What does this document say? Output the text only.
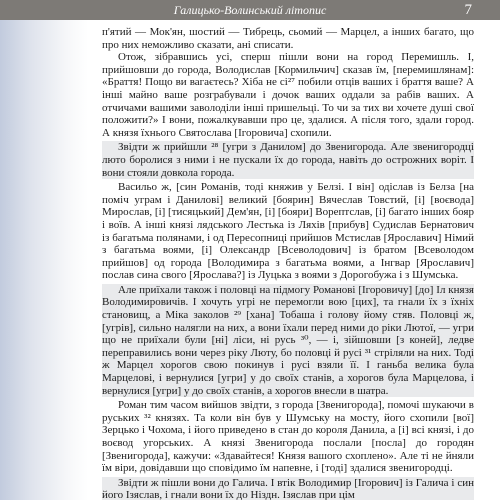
Галицько-Волинський літопис	7

п'ятий — Мок'ян, шостий — Тибрець, сьомий — Марцел, а інших багато, що про них неможливо сказати, ані списати.

Отож, зібравшись усі, сперш пішли вони на город Перемишль. І, прийшовши до города, Володислав [Кормильчич] сказав їм, [перемишлянам]: «Браття! Пощо ви вагаєтесь? Хіба не сі²⁷ побили отців ваших і браття ваше? А інші майно ваше розграбували і дочок ваших оддали за рабів ваших. А отчичами вашими заволоділи інші пришельці. То чи за тих ви хочете душі свої положити?» І вони, пожалкувавши про це, здалися. А після того, здали город. А князя їхнього Святослава [Ігоровича] схопили.

Звідти ж прийшли ²⁸ [угри з Данилом] до Звенигорода. Але звенигородці люто боролися з ними і не пускали їх до города, навіть до острожних воріт. І вони стояли довкола города.

Васильо ж, [син Романів, тоді княжив у Белзі. І він] одіслав із Белза [на поміч уграм і Данилові] великий [боярин] Вячеслав Товстий, [і] [воєвода] Мирослав, [і] [тисяцький] Дем'ян, [і] [бояри] Ворептслав, [і] багато інших бояр і воїв. А інші князі лядського Лестька із Ляхів [прибув] Судислав Бернатович із багатьма полянами, і од Пересопниці прийшов Мстислав [Ярославич] Німий з багатьма воями, [і] Олександр [Всеволодович] із братом [Всеволодом прийшов] од города [Володимира з багатьма воями, а Інгвар [Ярославич] послав сина свого [Ярослава?] із Луцька з воями з Дорогобужа і з Шумська.

Але приїхали також і половці на підмогу Романові [Ігоровичу] [до] Іл князя Володимировичів. І хочуть угрі не перемогли вою [цих], та гнали їх з їхніх становищ, а Міка заколов ²⁹ [хана] Тобаша і голову йому стяв. Половці ж, [угрів], сильно налягли на них, а вони їхали перед ними до ріки Лютої, — угри що не приїхали були [ні] ліси, ні русь ³⁰, — і, зійшовши [з коней], ледве переправились вони через ріку Люту, бо половці й русі ³¹ стріляли на них. Тоді ж Марцел хорогов свою покинув і русі взяли її. І ганьба велика була Марцелові, і вернулися [угри] у до своїх станів, а хорогов була Марцелова, і вернулися [угри] у до своїх станів, а хорогов внесли в шатра.

Роман тим часом вийшов звідти, з города [Звенигорода], помочі шукаючи в руських ³² князях. Та коли він був у Шумську на мосту, його схопили [вої] Зерцько і Чохома, і його приведено в стан до короля Данила, а [і] всі князі, і до воєвод угорських. А князі Звенигорода послали [посла] до городян [Звенигорода], кажучи: «Здавайтеся! Князя вашого схоплено». Але ті не йняли їм віри, довідавши що сповідимо їм напевне, і [тоді] здалися звенигородці.

Звідти ж пішли вони до Галича. І втік Володимир [Ігорович] із Галича і син його Ізяслав, і гнали вони їх до Ніздн. Ізяслав при цім
